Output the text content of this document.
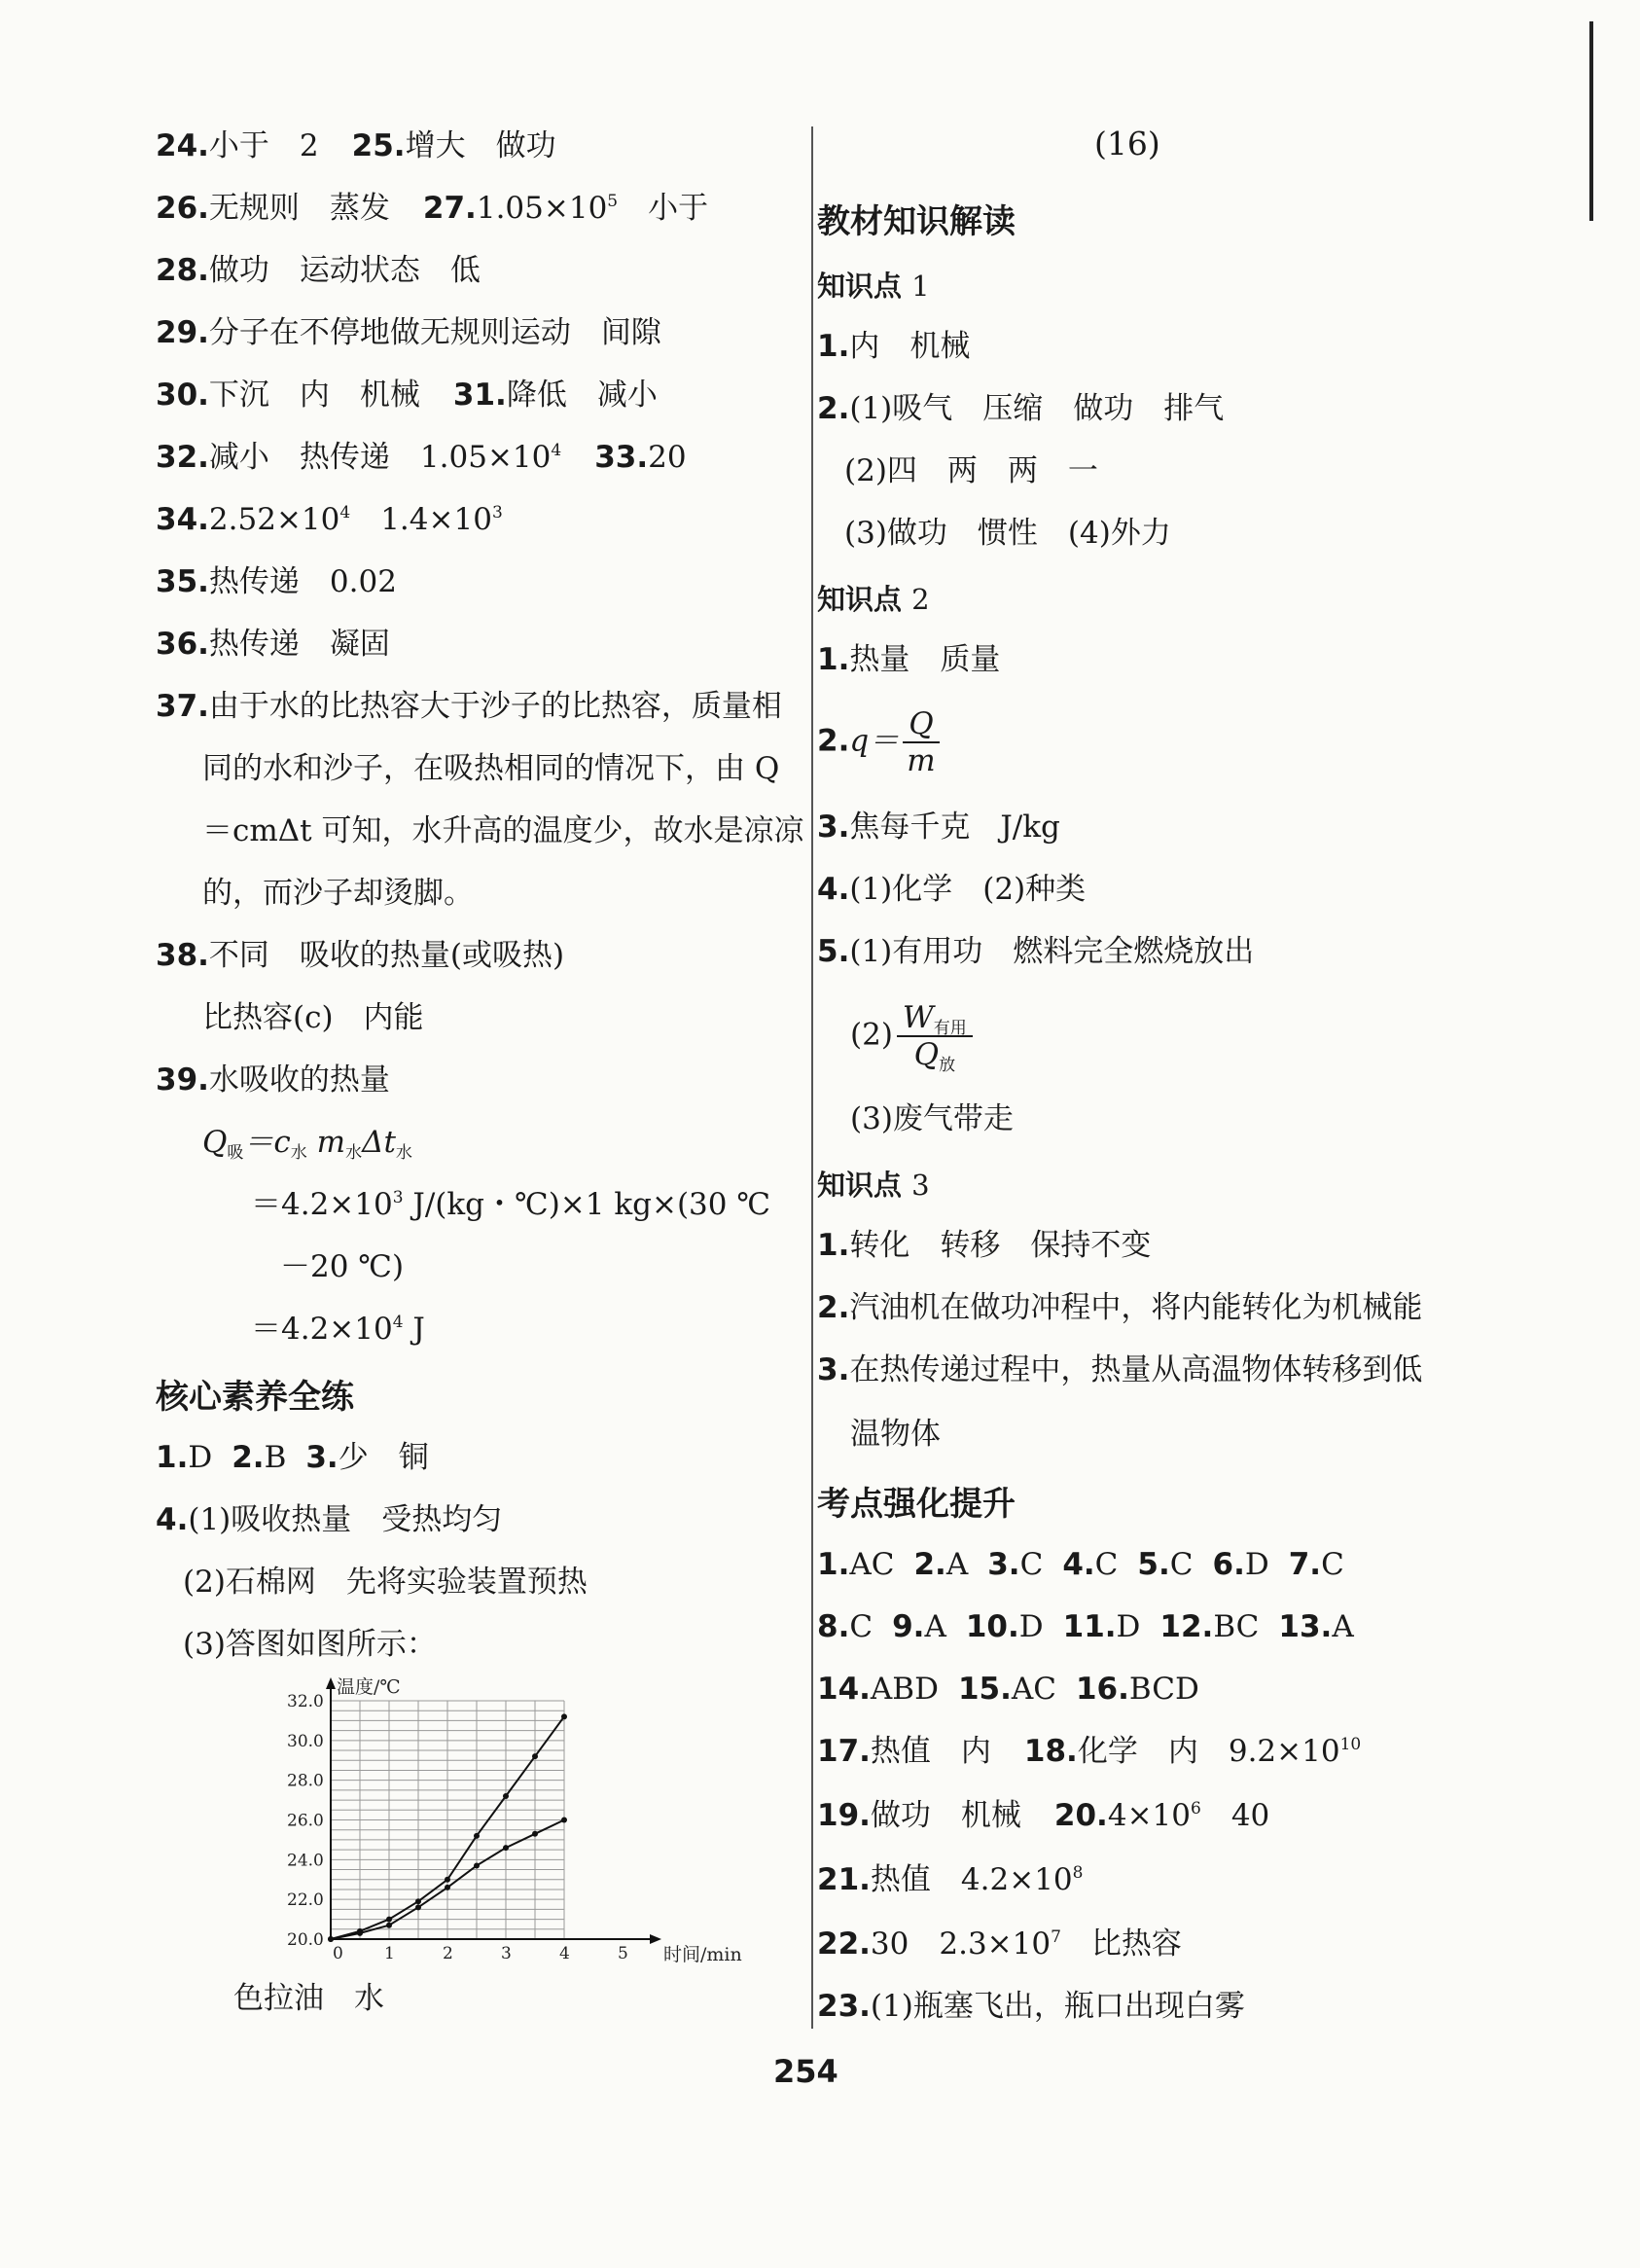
24.小于　2 25.增大　做功
26.无规则　蒸发 $27.1.05\times 10^5$　小于
28.做功　运动状态　低
29.分子在不停地做无规则运动　间隙
30.下沉　内　机械 31.降低　减小
32.减小　热传递　$1.05\times 10^4$ 33.20
$34.2.52\times 10^4$　$1.4\times 10^3$
35.热传递　0.02
36.热传递　凝固
37.由于水的比热容大于沙子的比热容，质量相
同的水和沙子，在吸热相同的情况下，由 Q
＝cmΔt 可知，水升高的温度少，故水是凉凉
的，而沙子却烫脚。
38.不同　吸收的热量(或吸热)
比热容(c)　内能
39.水吸收的热量
$Q_吸=c_水$ $m_水\Delta t_水$
$=4.2\times 10^3$ J/(kg・℃)×1 kg×(30 ℃
－20 ℃)
$=4.2\times 10^4$ J
核心素养全练
1.D 2.B 3.少　铜
4.(1)吸收热量　受热均匀
(2)石棉网　先将实验装置预热
(3)答图如图所示：
色拉油　水
0 1	2	3	4	5
20.0
22.0
24.0
26.0
28.0
30.0
32.0
温度/℃
时间/min
(16)
教材知识解读
知识点 1
1.内　机械
2.(1)吸气　压缩　做功　排气
(2)四　两　两　一
(3)做功　惯性　(4)外力
知识点 2
1.热量　质量
$2.q= \frac{Q}{m}$
3.焦每千克　J/kg
4.(1)化学　(2)种类
5.(1)有用功　燃料完全燃烧放出
$(2) \frac{W_{有用}}{Q_放}$
(3)废气带走
知识点 3
1.转化　转移　保持不变
2.汽油机在做功冲程中，将内能转化为机械能
3.在热传递过程中，热量从高温物体转移到低
温物体
考点强化提升
1.AC 2.A 3.C 4.C 5.C 6.D 7.C
8.C 9.A 10.D 11.D 12.BC 13.A
14.ABD 15.AC 16.BCD
17.热值　内 18.化学　内　$9.2\times 10^{10}$
19.做功　机械 $20.4\times 10^6$　40
21.热值　$4.2\times 10^8$
22.30　$2.3\times 10^7$　比热容
23.(1)瓶塞飞出，瓶口出现白雾
254
